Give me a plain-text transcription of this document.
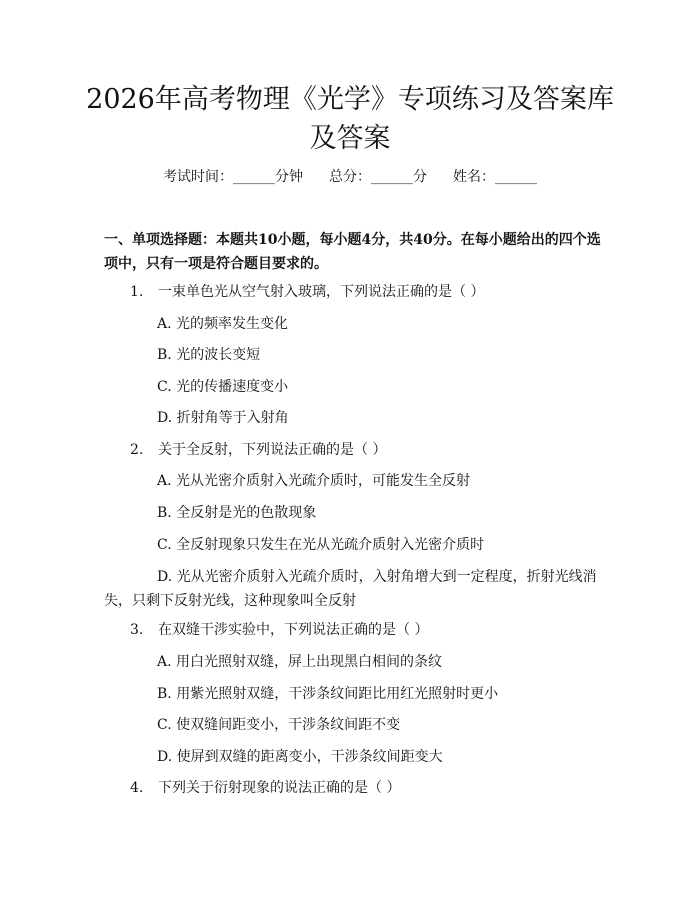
2026年高考物理《光学》专项练习及答案库
及答案
考试时间：______分钟 总分：______分 姓名：______

一、单项选择题：本题共10小题，每小题4分，共40分。在每小题给出的四个选项中，只有一项是符合题目要求的。

1. 一束单色光从空气射入玻璃，下列说法正确的是（ ）
A. 光的频率发生变化
B. 光的波长变短
C. 光的传播速度变小
D. 折射角等于入射角
2. 关于全反射，下列说法正确的是（ ）
A. 光从光密介质射入光疏介质时，可能发生全反射
B. 全反射是光的色散现象
C. 全反射现象只发生在光从光疏介质射入光密介质时
D. 光从光密介质射入光疏介质时，入射角增大到一定程度，折射光线消失，只剩下反射光线，这种现象叫全反射
3. 在双缝干涉实验中，下列说法正确的是（ ）
A. 用白光照射双缝，屏上出现黑白相间的条纹
B. 用紫光照射双缝，干涉条纹间距比用红光照射时更小
C. 使双缝间距变小，干涉条纹间距不变
D. 使屏到双缝的距离变小，干涉条纹间距变大
4. 下列关于衍射现象的说法正确的是（ ）
